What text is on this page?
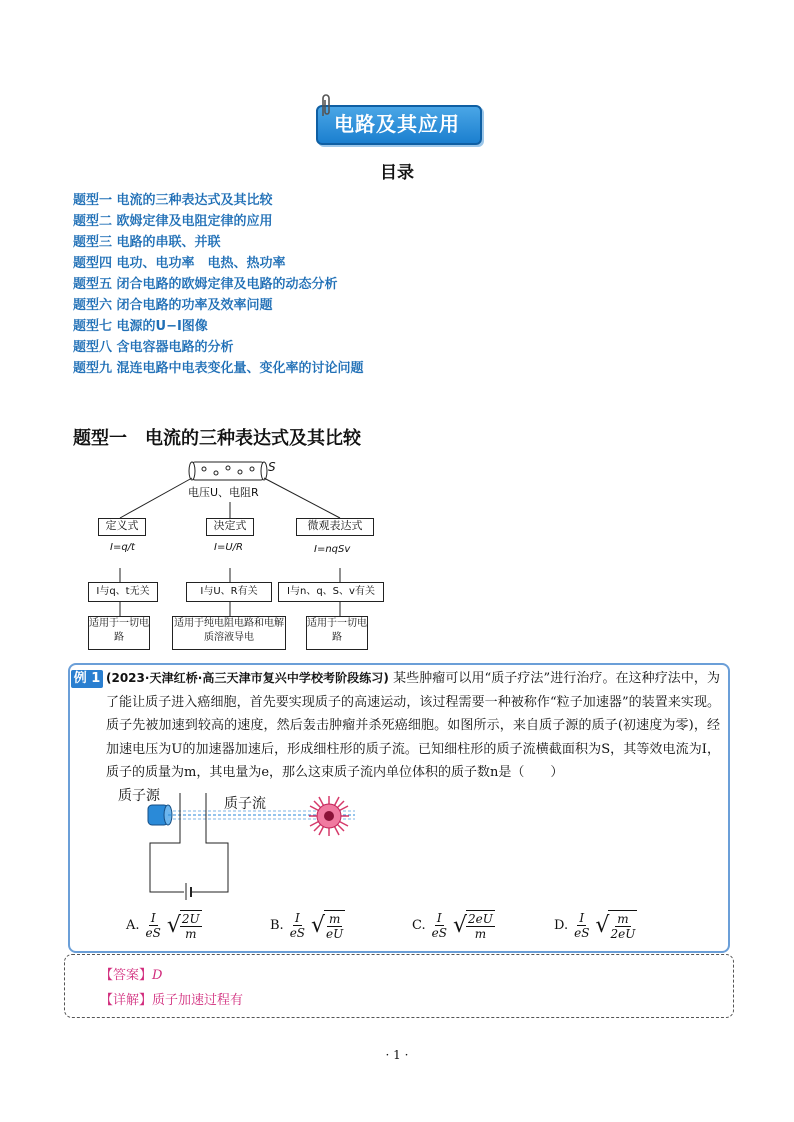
电路及其应用
目录
题型一 电流的三种表达式及其比较
题型二 欧姆定律及电阻定律的应用
题型三 电路的串联、并联
题型四 电功、电功率　电热、热功率
题型五 闭合电路的欧姆定律及电路的动态分析
题型六 闭合电路的功率及效率问题
题型七 电源的U−I图像
题型八 含电容器电路的分析
题型九 混连电路中电表变化量、变化率的讨论问题
题型一　电流的三种表达式及其比较
S
电压U、电阻R
定义式	决定式	微观表达式
I=q/t	I=U/R	I=nqSv
I与q、t无关	I与U、R有关	I与n、q、S、v有关
适用于一切电路
适用于纯电阻电路和电解质溶液导电
适用于一切电路
例 1 (2023·天津红桥·高三天津市复兴中学校考阶段练习) 某些肿瘤可以用“质子疗法”进行治疗。在这种疗法中，为了能让质子进入癌细胞，首先要实现质子的高速运动，该过程需要一种被称作“粒子加速器”的装置来实现。质子先被加速到较高的速度，然后轰击肿瘤并杀死癌细胞。如图所示，来自质子源的质子(初速度为零)，经加速电压为U的加速器加速后，形成细柱形的质子流。已知细柱形的质子流横截面积为S，其等效电流为I，质子的质量为m，其电量为e，那么这束质子流内单位体积的质子数n是（　　）
质子源	质子流
A. $\frac{I}{eS}$ √ $\frac{2U}{m}$	B. $\frac{I}{eS}$ √ $\frac{m}{eU}$	C. $\frac{I}{eS}$ √ $\frac{2eU}{m}$	D. $\frac{I}{eS}$ √ $\frac{m}{2eU}$
【答案】D
【详解】质子加速过程有
· 1 ·
